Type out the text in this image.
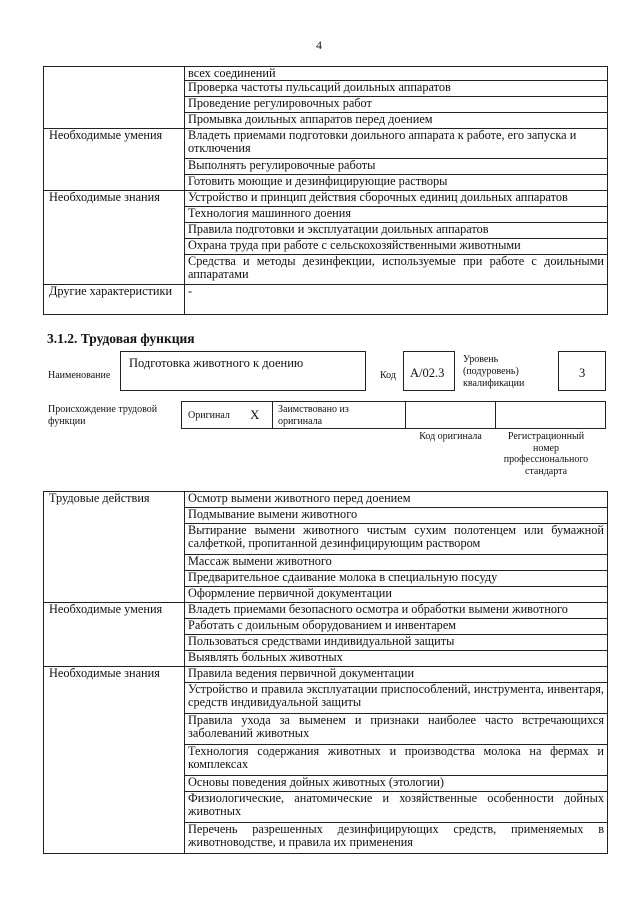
4
	всех соединений
	Проверка частоты пульсаций доильных аппаратов
	Проведение регулировочных работ
	Промывка доильных аппаратов перед доением
Необходимые умения	Владеть приемами подготовки доильного аппарата к работе, его запуска и отключения
	Выполнять регулировочные работы
	Готовить моющие и дезинфицирующие растворы
Необходимые знания	Устройство и принцип действия сборочных единиц доильных аппаратов
	Технология машинного доения
	Правила подготовки и эксплуатации доильных аппаратов
	Охрана труда при работе с сельскохозяйственными животными
	Средства и методы дезинфекции, используемые при работе с доильными аппаратами
Другие характеристики	-
3.1.2. Трудовая функция
Наименование
Подготовка животного к доению
Код А/02.3
Уровень (подуровень) квалификации
3
Происхождение трудовой функции
Оригинал X Заимствовано из оригинала
Код оригинала	Регистрационный номер профессионального стандарта
Трудовые действия	Осмотр вымени животного перед доением
	Подмывание вымени животного
	Вытирание вымени животного чистым сухим полотенцем или бумажной салфеткой, пропитанной дезинфицирующим раствором
	Массаж вымени животного
	Предварительное сдаивание молока в специальную посуду
	Оформление первичной документации
Необходимые умения	Владеть приемами безопасного осмотра и обработки вымени животного
	Работать с доильным оборудованием и инвентарем
	Пользоваться средствами индивидуальной защиты
	Выявлять больных животных
Необходимые знания	Правила ведения первичной документации
	Устройство и правила эксплуатации приспособлений, инструмента, инвентаря, средств индивидуальной защиты
	Правила ухода за выменем и признаки наиболее часто встречающихся заболеваний животных
	Технология содержания животных и производства молока на фермах и комплексах
	Основы поведения дойных животных (этологии)
	Физиологические, анатомические и хозяйственные особенности дойных животных
	Перечень разрешенных дезинфицирующих средств, применяемых в животноводстве, и правила их применения
